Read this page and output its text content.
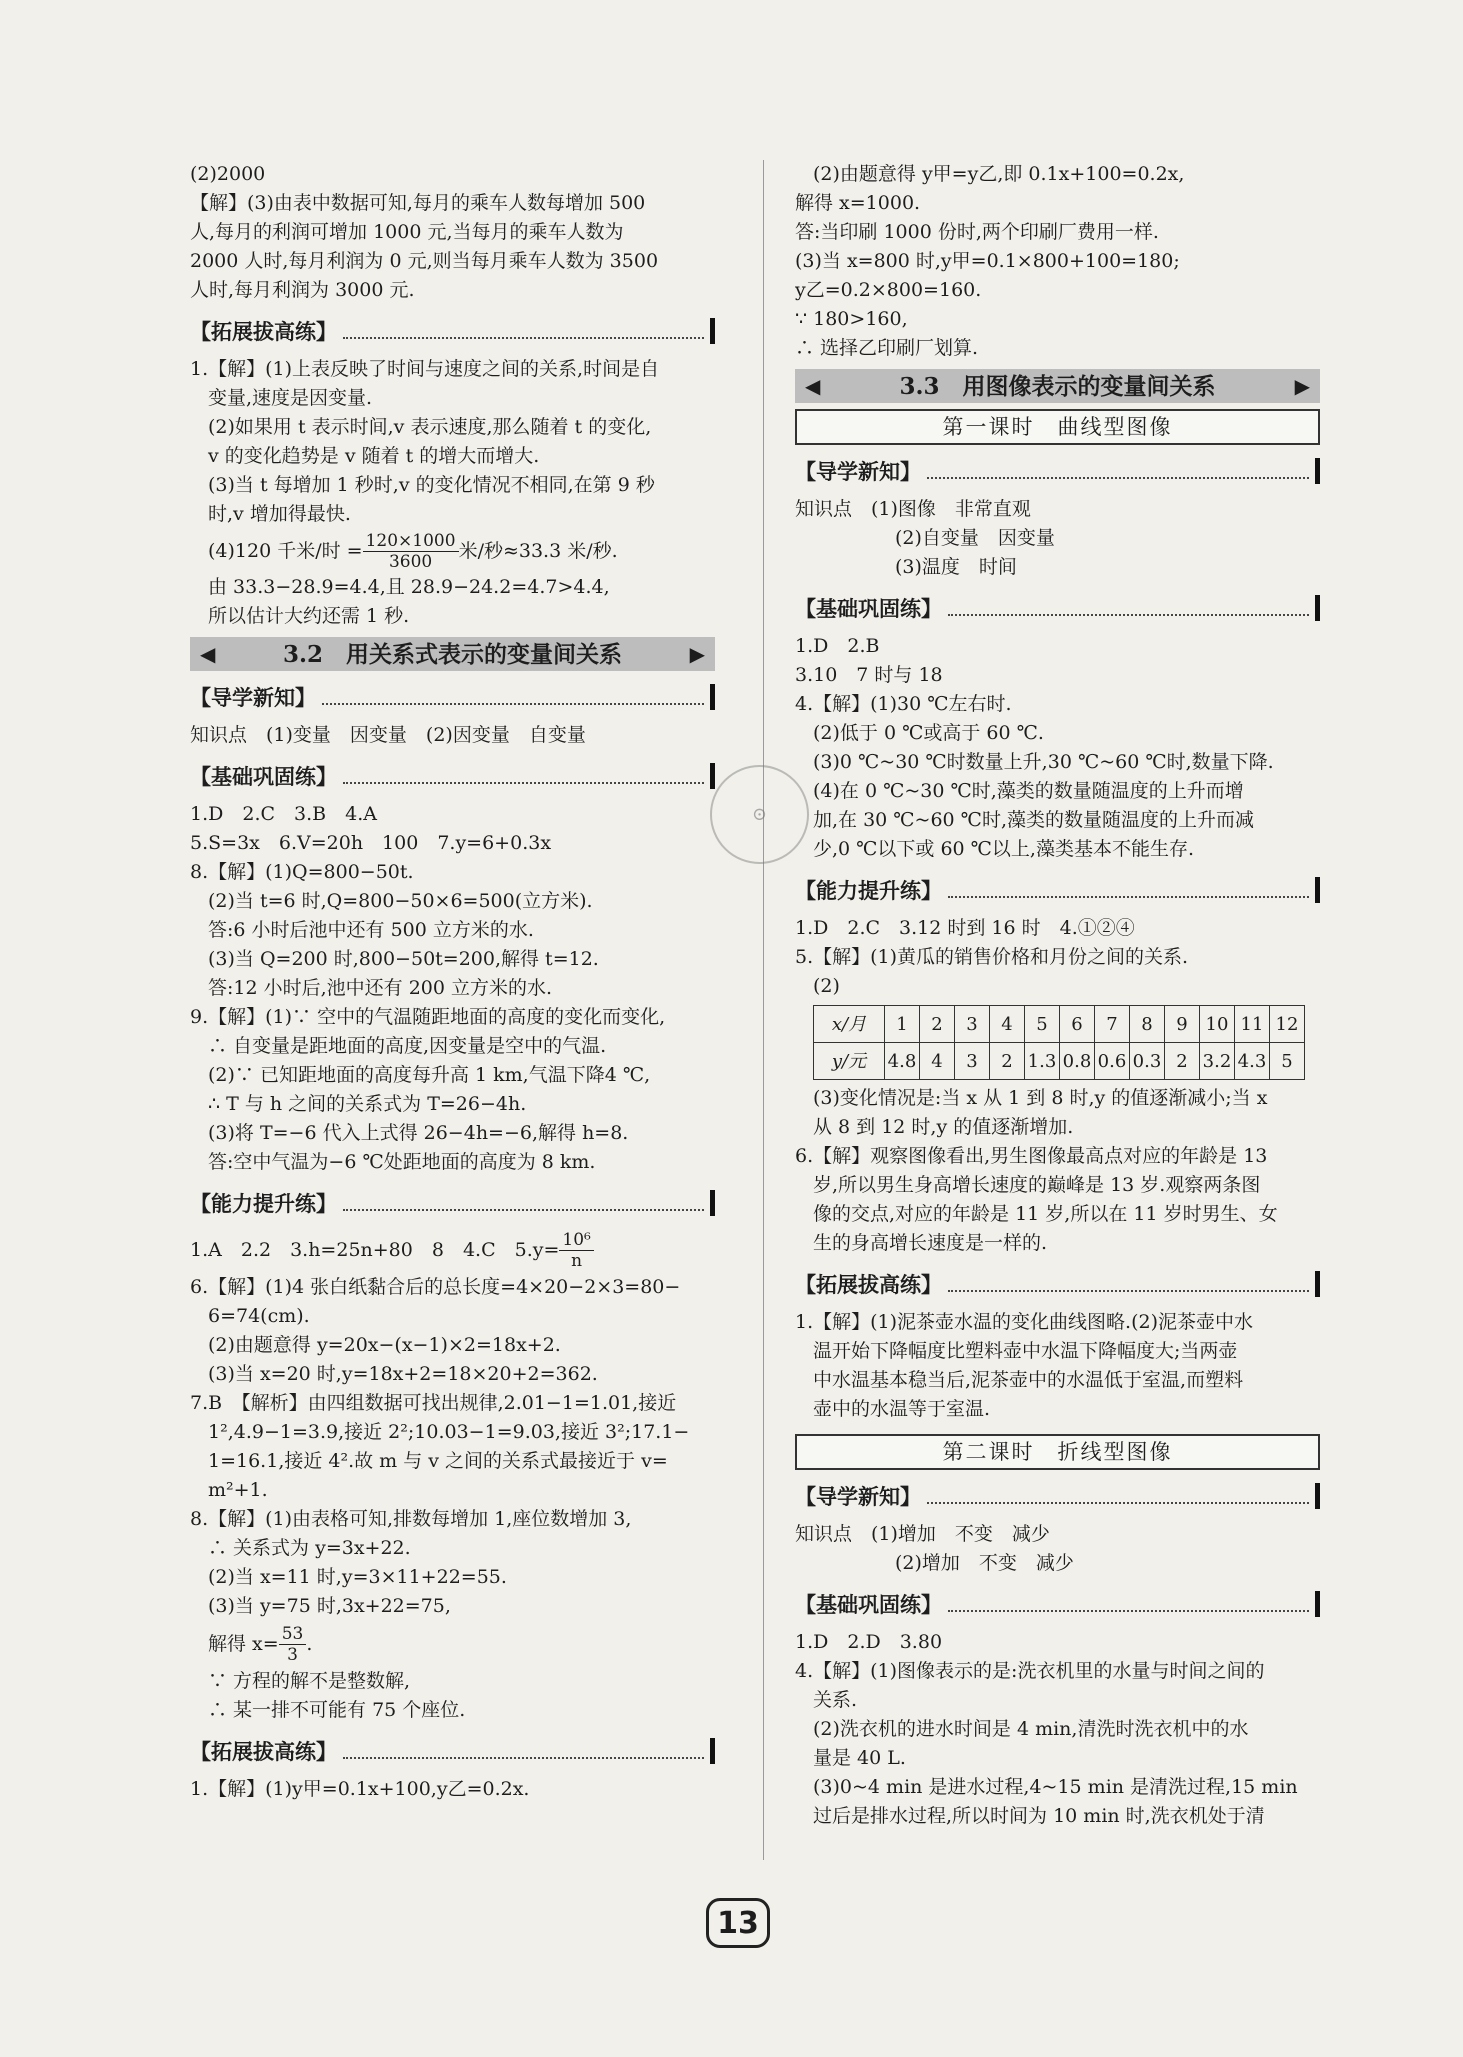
(2)2000
【解】(3)由表中数据可知,每月的乘车人数每增加 500
人,每月的利润可增加 1000 元,当每月的乘车人数为
2000 人时,每月利润为 0 元,则当每月乘车人数为 3500
人时,每月利润为 3000 元.
【拓展拔高练】
1.【解】(1)上表反映了时间与速度之间的关系,时间是自
变量,速度是因变量.
(2)如果用 t 表示时间,v 表示速度,那么随着 t 的变化,
v 的变化趋势是 v 随着 t 的增大而增大.
(3)当 t 每增加 1 秒时,v 的变化情况不相同,在第 9 秒
时,v 增加得最快.
(4)120 千米/时 = $\frac{120\times 1000}{3600}$ 米/秒≈33.3 米/秒.
由 33.3−28.9=4.4,且 28.9−24.2=4.7>4.4,
所以估计大约还需 1 秒.
◀	3.2　用关系式表示的变量间关系	▶
【导学新知】
知识点　(1)变量　因变量　(2)因变量　自变量
【基础巩固练】
1.D　2.C　3.B　4.A
5.S=3x　6.V=20h　100　7.y=6+0.3x
8.【解】(1)Q=800−50t.
(2)当 t=6 时,Q=800−50×6=500(立方米).
答:6 小时后池中还有 500 立方米的水.
(3)当 Q=200 时,800−50t=200,解得 t=12.
答:12 小时后,池中还有 200 立方米的水.
9.【解】(1)∵ 空中的气温随距地面的高度的变化而变化,
∴ 自变量是距地面的高度,因变量是空中的气温.
(2)∵ 已知距地面的高度每升高 1 km,气温下降4 ℃,
∴ T 与 h 之间的关系式为 T=26−4h.
(3)将 T=−6 代入上式得 26−4h=−6,解得 h=8.
答:空中气温为−6 ℃处距地面的高度为 8 km.
【能力提升练】
1.A　2.2　3.h=25n+80　8　4.C　$5.y= \frac{\text{10⁶}}{n}$
6.【解】(1)4 张白纸黏合后的总长度=4×20−2×3=80−
6=74(cm).
(2)由题意得 y=20x−(x−1)×2=18x+2.
(3)当 x=20 时,y=18x+2=18×20+2=362.
7.B　【解析】由四组数据可找出规律,2.01−1=1.01,接近
1²,4.9−1=3.9,接近 2²;10.03−1=9.03,接近 3²;17.1−
1=16.1,接近 4².故 m 与 v 之间的关系式最接近于 v=
m²+1.
8.【解】(1)由表格可知,排数每增加 1,座位数增加 3,
∴ 关系式为 y=3x+22.
(2)当 x=11 时,y=3×11+22=55.
(3)当 y=75 时,3x+22=75,
解得 $x= \frac{53}{3}$ .
∵ 方程的解不是整数解,
∴ 某一排不可能有 75 个座位.
【拓展拔高练】
1.【解】(1)y甲=0.1x+100,y乙=0.2x.
(2)由题意得 y甲=y乙,即 0.1x+100=0.2x,
解得 x=1000.
答:当印刷 1000 份时,两个印刷厂费用一样.
(3)当 x=800 时,y甲=0.1×800+100=180;
y乙=0.2×800=160.
∵ 180>160,
∴ 选择乙印刷厂划算.
◀	3.3　用图像表示的变量间关系	▶
第一课时　曲线型图像
【导学新知】
知识点　(1)图像　非常直观
(2)自变量　因变量
(3)温度　时间
【基础巩固练】
1.D　2.B
3.10　7 时与 18
4.【解】(1)30 ℃左右时.
(2)低于 0 ℃或高于 60 ℃.
(3)0 ℃~30 ℃时数量上升,30 ℃~60 ℃时,数量下降.
(4)在 0 ℃~30 ℃时,藻类的数量随温度的上升而增
加,在 30 ℃~60 ℃时,藻类的数量随温度的上升而减
少,0 ℃以下或 60 ℃以上,藻类基本不能生存.
【能力提升练】
1.D　2.C　3.12 时到 16 时　4.①②④
5.【解】(1)黄瓜的销售价格和月份之间的关系.
(2)
x/月	1	2	3	4	5	6	7	8	9	10	11	12
y/元	4.8	4	3	2	1.3	0.8	0.6	0.3	2	3.2	4.3	5
(3)变化情况是:当 x 从 1 到 8 时,y 的值逐渐减小;当 x
从 8 到 12 时,y 的值逐渐增加.
6.【解】观察图像看出,男生图像最高点对应的年龄是 13
岁,所以男生身高增长速度的巅峰是 13 岁.观察两条图
像的交点,对应的年龄是 11 岁,所以在 11 岁时男生、女
生的身高增长速度是一样的.
【拓展拔高练】
1.【解】(1)泥茶壶水温的变化曲线图略.(2)泥茶壶中水
温开始下降幅度比塑料壶中水温下降幅度大;当两壶
中水温基本稳当后,泥茶壶中的水温低于室温,而塑料
壶中的水温等于室温.
第二课时　折线型图像
【导学新知】
知识点　(1)增加　不变　减少
(2)增加　不变　减少
【基础巩固练】
1.D　2.D　3.80
4.【解】(1)图像表示的是:洗衣机里的水量与时间之间的
关系.
(2)洗衣机的进水时间是 4 min,清洗时洗衣机中的水
量是 40 L.
(3)0~4 min 是进水过程,4~15 min 是清洗过程,15 min
过后是排水过程,所以时间为 10 min 时,洗衣机处于清
⊙
13
